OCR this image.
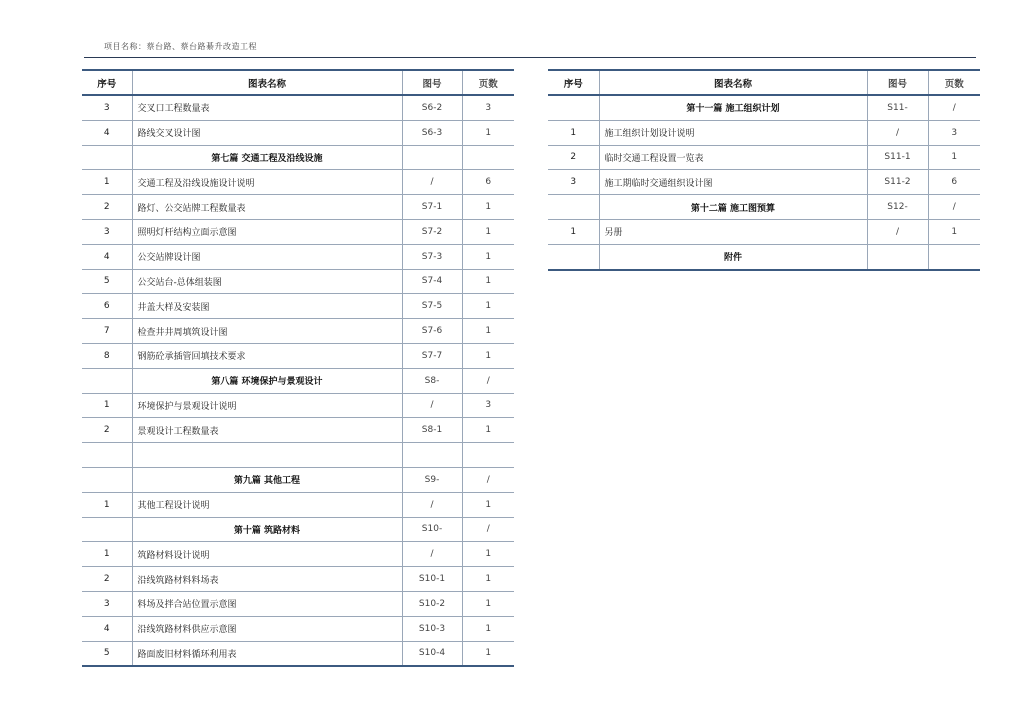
项目名称：蔡台路、蔡台路綦升改造工程
序号	图表名称	图号	页数
3	交叉口工程数量表	S6-2	3
4	路线交叉设计图	S6-3	1
	第七篇 交通工程及沿线设施		
1	交通工程及沿线设施设计说明	/	6
2	路灯、公交站牌工程数量表	S7-1	1
3	照明灯杆结构立面示意图	S7-2	1
4	公交站牌设计图	S7-3	1
5	公交站台-总体组装图	S7-4	1
6	井盖大样及安装图	S7-5	1
7	检查井井周填筑设计图	S7-6	1
8	钢筋砼承插管回填技术要求	S7-7	1
	第八篇 环境保护与景观设计	S8-	/
1	环境保护与景观设计说明	/	3
2	景观设计工程数量表	S8-1	1

	第九篇 其他工程	S9-	/
1	其他工程设计说明	/	1
	第十篇 筑路材料	S10-	/
1	筑路材料设计说明	/	1
2	沿线筑路材料料场表	S10-1	1
3	料场及拌合站位置示意图	S10-2	1
4	沿线筑路材料供应示意图	S10-3	1
5	路面废旧材料循环利用表	S10-4	1
序号	图表名称	图号	页数
	第十一篇 施工组织计划	S11-	/
1	施工组织计划设计说明	/	3
2	临时交通工程设置一览表	S11-1	1
3	施工期临时交通组织设计图	S11-2	6
	第十二篇 施工图预算	S12-	/
1	另册	/	1
	附件		
